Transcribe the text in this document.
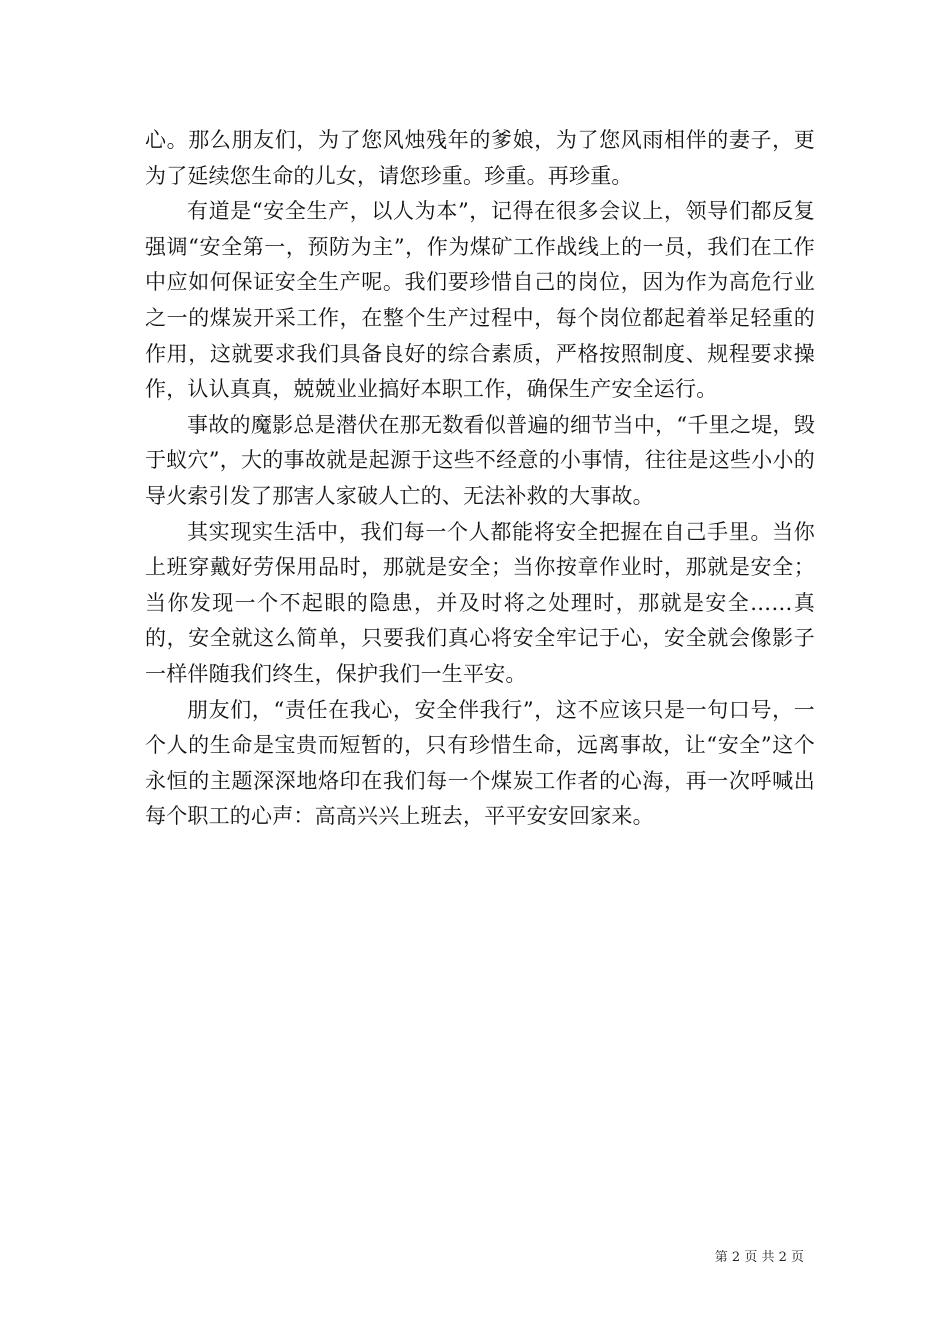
心。那么朋友们，为了您风烛残年的爹娘，为了您风雨相伴的妻子，更为了延续您生命的儿女，请您珍重。珍重。再珍重。

有道是“安全生产，以人为本”，记得在很多会议上，领导们都反复强调“安全第一，预防为主”，作为煤矿工作战线上的一员，我们在工作中应如何保证安全生产呢。我们要珍惜自己的岗位，因为作为高危行业之一的煤炭开采工作，在整个生产过程中，每个岗位都起着举足轻重的作用，这就要求我们具备良好的综合素质，严格按照制度、规程要求操作，认认真真，兢兢业业搞好本职工作，确保生产安全运行。

事故的魔影总是潜伏在那无数看似普遍的细节当中，“千里之堤，毁于蚁穴”，大的事故就是起源于这些不经意的小事情，往往是这些小小的导火索引发了那害人家破人亡的、无法补救的大事故。

其实现实生活中，我们每一个人都能将安全把握在自己手里。当你上班穿戴好劳保用品时，那就是安全；当你按章作业时，那就是安全；当你发现一个不起眼的隐患，并及时将之处理时，那就是安全……真的，安全就这么简单，只要我们真心将安全牢记于心，安全就会像影子一样伴随我们终生，保护我们一生平安。

朋友们，“责任在我心，安全伴我行”，这不应该只是一句口号，一个人的生命是宝贵而短暂的，只有珍惜生命，远离事故，让“安全”这个永恒的主题深深地烙印在我们每一个煤炭工作者的心海，再一次呼喊出每个职工的心声：高高兴兴上班去，平平安安回家来。

第 2 页 共 2 页
